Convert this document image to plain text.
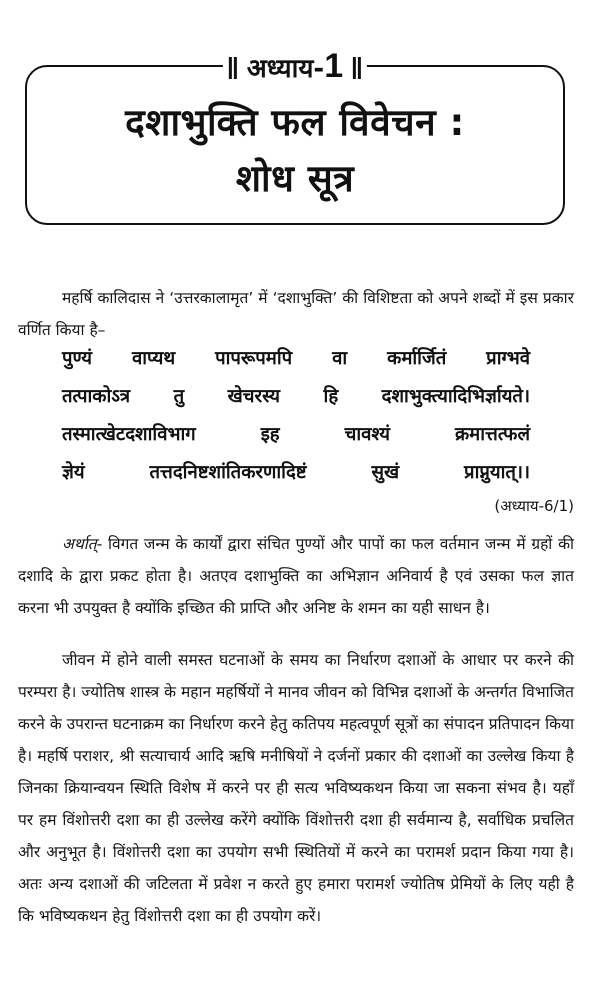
अध्याय-1
दशाभुक्ति फल विवेचन :
शोध सूत्र

महर्षि कालिदास ने ‘उत्तरकालामृत’ में ‘दशाभुक्ति’ की विशिष्टता को अपने शब्दों में इस प्रकार वर्णित किया है–

पुण्यं वाप्यथ पापरूपमपि वा कर्मार्जितं प्राग्भवे
तत्पाकोऽत्र तु खेचरस्य हि दशाभुक्त्यादिभिर्ज्ञायते।
तस्मात्खेटदशाविभाग इह चावश्यं क्रमात्तत्फलं
ज्ञेयं तत्तदनिष्टशांतिकरणादिष्टं सुखं प्राप्नुयात्।।
(अध्याय-6/1)

अर्थात्- विगत जन्म के कार्यों द्वारा संचित पुण्यों और पापों का फल वर्तमान जन्म में ग्रहों की दशादि के द्वारा प्रकट होता है। अतएव दशाभुक्ति का अभिज्ञान अनिवार्य है एवं उसका फल ज्ञात करना भी उपयुक्त है क्योंकि इच्छित की प्राप्ति और अनिष्ट के शमन का यही साधन है।

जीवन में होने वाली समस्त घटनाओं के समय का निर्धारण दशाओं के आधार पर करने की परम्परा है। ज्योतिष शास्त्र के महान महर्षियों ने मानव जीवन को विभिन्न दशाओं के अन्तर्गत विभाजित करने के उपरान्त घटनाक्रम का निर्धारण करने हेतु कतिपय महत्वपूर्ण सूत्रों का संपादन प्रतिपादन किया है। महर्षि पराशर, श्री सत्याचार्य आदि ऋषि मनीषियों ने दर्जनों प्रकार की दशाओं का उल्लेख किया है जिनका क्रियान्वयन स्थिति विशेष में करने पर ही सत्य भविष्यकथन किया जा सकना संभव है। यहाँ पर हम विंशोत्तरी दशा का ही उल्लेख करेंगे क्योंकि विंशोत्तरी दशा ही सर्वमान्य है, सर्वाधिक प्रचलित और अनुभूत है। विंशोत्तरी दशा का उपयोग सभी स्थितियों में करने का परामर्श प्रदान किया गया है। अतः अन्य दशाओं की जटिलता में प्रवेश न करते हुए हमारा परामर्श ज्योतिष प्रेमियों के लिए यही है कि भविष्यकथन हेतु विंशोत्तरी दशा का ही उपयोग करें।
